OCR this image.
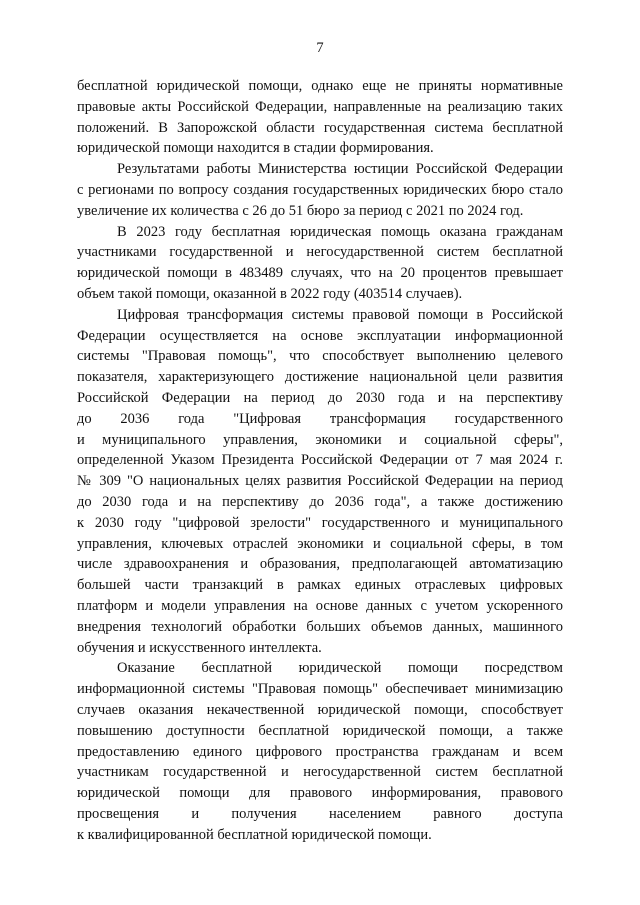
7
бесплатной юридической помощи, однако еще не приняты нормативные
правовые акты Российской Федерации, направленные на реализацию таких
положений. В Запорожской области государственная система бесплатной
юридической помощи находится в стадии формирования.
Результатами работы Министерства юстиции Российской Федерации
с регионами по вопросу создания государственных юридических бюро стало
увеличение их количества с 26 до 51 бюро за период с 2021 по 2024 год.
В 2023 году бесплатная юридическая помощь оказана гражданам
участниками государственной и негосударственной систем бесплатной
юридической помощи в 483489 случаях, что на 20 процентов превышает
объем такой помощи, оказанной в 2022 году (403514 случаев).
Цифровая трансформация системы правовой помощи в Российской
Федерации осуществляется на основе эксплуатации информационной
системы "Правовая помощь", что способствует выполнению целевого
показателя, характеризующего достижение национальной цели развития
Российской Федерации на период до 2030 года и на перспективу
до 2036 года "Цифровая трансформация государственного
и муниципального управления, экономики и социальной сферы",
определенной Указом Президента Российской Федерации от 7 мая 2024 г.
№ 309 "О национальных целях развития Российской Федерации на период
до 2030 года и на перспективу до 2036 года", а также достижению
к 2030 году "цифровой зрелости" государственного и муниципального
управления, ключевых отраслей экономики и социальной сферы, в том
числе здравоохранения и образования, предполагающей автоматизацию
большей части транзакций в рамках единых отраслевых цифровых
платформ и модели управления на основе данных с учетом ускоренного
внедрения технологий обработки больших объемов данных, машинного
обучения и искусственного интеллекта.
Оказание бесплатной юридической помощи посредством
информационной системы "Правовая помощь" обеспечивает минимизацию
случаев оказания некачественной юридической помощи, способствует
повышению доступности бесплатной юридической помощи, а также
предоставлению единого цифрового пространства гражданам и всем
участникам государственной и негосударственной систем бесплатной
юридической помощи для правового информирования, правового
просвещения и получения населением равного доступа
к квалифицированной бесплатной юридической помощи.
